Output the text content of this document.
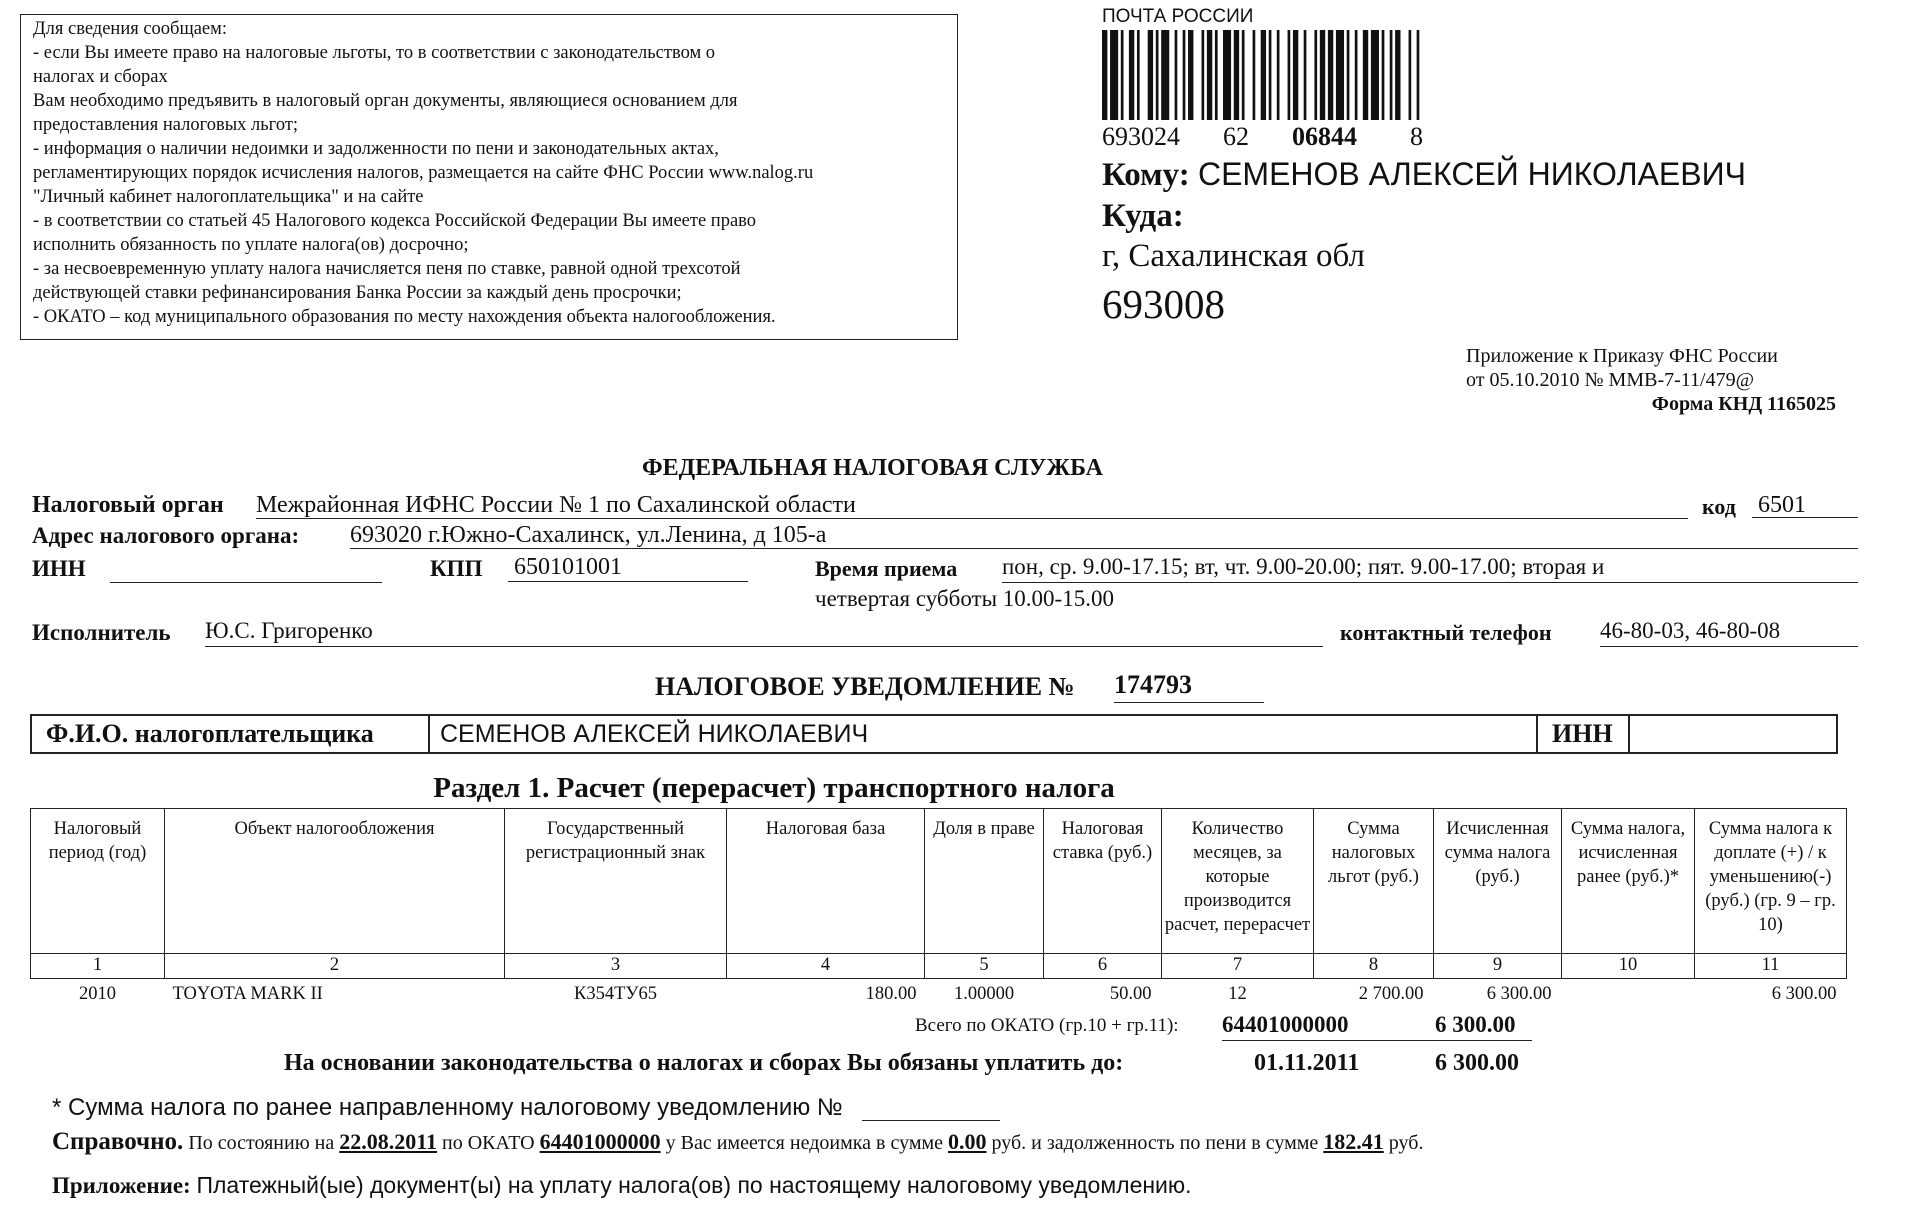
Для сведения сообщаем:
- если Вы имеете право на налоговые льготы, то в соответствии с законодательством о
налогах и сборах
Вам необходимо предъявить в налоговый орган документы, являющиеся основанием для
предоставления налоговых льгот;
- информация о наличии недоимки и задолженности по пени и законодательных актах,
регламентирующих порядок исчисления налогов, размещается на сайте ФНС России www.nalog.ru
"Личный кабинет налогоплательщика" и на сайте
- в соответствии со статьей 45 Налогового кодекса Российской Федерации Вы имеете право
исполнить обязанность по уплате налога(ов) досрочно;
- за несвоевременную уплату налога начисляется пеня по ставке, равной одной трехсотой
действующей ставки рефинансирования Банка России за каждый день просрочки;
- ОКАТО – код муниципального образования по месту нахождения объекта налогообложения.
ПОЧТА РОССИИ
693024 62 06844 8
Кому: СЕМЕНОВ АЛЕКСЕЙ НИКОЛАЕВИЧ
Куда:
г, Сахалинская обл
693008
Приложение к Приказу ФНС России
от 05.10.2010 № ММВ-7-11/479@
Форма КНД 1165025
ФЕДЕРАЛЬНАЯ НАЛОГОВАЯ СЛУЖБА
Налоговый орган Межрайонная ИФНС России № 1 по Сахалинской области	код 6501
Адрес налогового органа: 693020 г.Южно-Сахалинск, ул.Ленина, д 105-а
ИНН	КПП 650101001	Время приема пон, ср. 9.00-17.15; вт, чт. 9.00-20.00; пят. 9.00-17.00; вторая и
четвертая субботы 10.00-15.00
Исполнитель Ю.С. Григоренко	контактный телефон 46-80-03, 46-80-08
НАЛОГОВОЕ УВЕДОМЛЕНИЕ № 174793
Ф.И.О. налогоплательщика	СЕМЕНОВ АЛЕКСЕЙ НИКОЛАЕВИЧ	ИНН
Раздел 1. Расчет (перерасчет) транспортного налога
Налоговый период (год)	Объект налогообложения	Государственный регистрационный знак	Налоговая база	Доля в праве	Налоговая ставка (руб.)	Количество месяцев, за которые производится расчет, перерасчет	Сумма налоговых льгот (руб.)	Исчисленная сумма налога (руб.)	Сумма налога, исчисленная ранее (руб.)*	Сумма налога к доплате (+) / к уменьшению(-) (руб.) (гр. 9 – гр. 10)
1	2	3	4	5	6	7	8	9	10	11
2010	TOYOTA MARK II	К354ТУ65	180.00	1.00000	50.00	12	2 700.00	6 300.00		6 300.00
Всего по ОКАТО (гр.10 + гр.11): 64401000000	6 300.00
На основании законодательства о налогах и сборах Вы обязаны уплатить до:	01.11.2011	6 300.00
* Сумма налога по ранее направленному налоговому уведомлению №
Справочно. По состоянию на 22.08.2011 по ОКАТО 64401000000 у Вас имеется недоимка в сумме 0.00 руб. и задолженность по пени в сумме 182.41 руб.
Приложение: Платежный(ые) документ(ы) на уплату налога(ов) по настоящему налоговому уведомлению.
